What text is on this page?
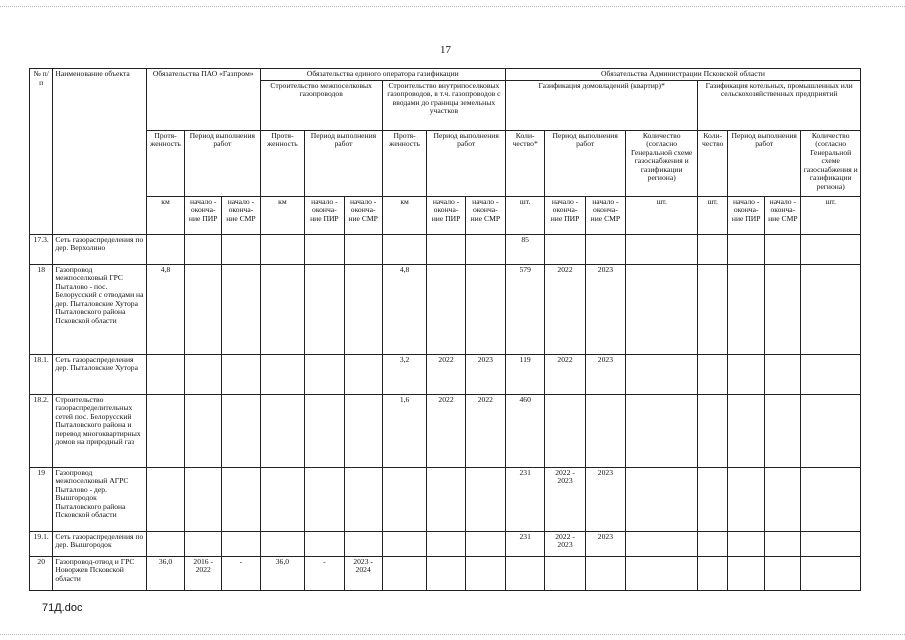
17
№ п/п	Наименование объекта	Обязательства ПАО «Газпром»			Обязательства единого оператора газификации						Обязательства Администрации Псковской области							
					Строительство межпоселковых газопроводов			Строительство внутрипоселковых газопроводов, в т.ч. газопроводов с вводами до границы земельных участков			Газификация домовладений (квартир)*				Газификация котельных, промышленных или сельскохозяйственных предприятий			
		Протя-женность	Период выполнения работ		Протя-женность	Период выполнения работ		Протя-женность	Период выполнения работ		Коли-чество*	Период выполнения работ		Количество (согласно Генеральной схеме газоснабжения и газификации региона)	Коли-чество	Период выполнения работ		Количество (согласно Генеральной схеме газоснабжения и газификации региона)
		км	начало - оконча-ние ПИР	начало - оконча-ние СМР	км	начало - оконча-ние ПИР	начало - оконча-ние СМР	км	начало - оконча-ние ПИР	начало - оконча-ние СМР	шт.	начало - оконча-ние ПИР	начало - оконча-ние СМР	шт.	шт.	начало - оконча-ние ПИР	начало - оконча-ние СМР	шт.
17.3.	Сеть газораспределения по дер. Верхолино										85							
18	Газопровод межпоселковый ГРС Пыталово - пос. Белорусский с отводами на дер. Пыталовские Хутора Пыталовского района Псковской области	4,8						4,8			579	2022	2023					
18.1.	Сеть газораспределения дер. Пыталовские Хутора							3,2	2022	2023	119	2022	2023					
18.2.	Строительство газораспределительных сетей пос. Белорусский Пыталовского района и перевод многоквартирных домов на природный газ							1,6	2022	2022	460							
19	Газопровод межпоселковый АГРС Пыталово - дер. Вышгородок Пыталовского района Псковской области										231	2022 - 2023	2023					
19.1.	Сеть газораспределения по дер. Вышгородок										231	2022 - 2023	2023					
20	Газопровод-отвод и ГРС Новоржев Псковской области	36,0	2016 - 2022	-	36,0	-	2023 - 2024											
71Д.doc
